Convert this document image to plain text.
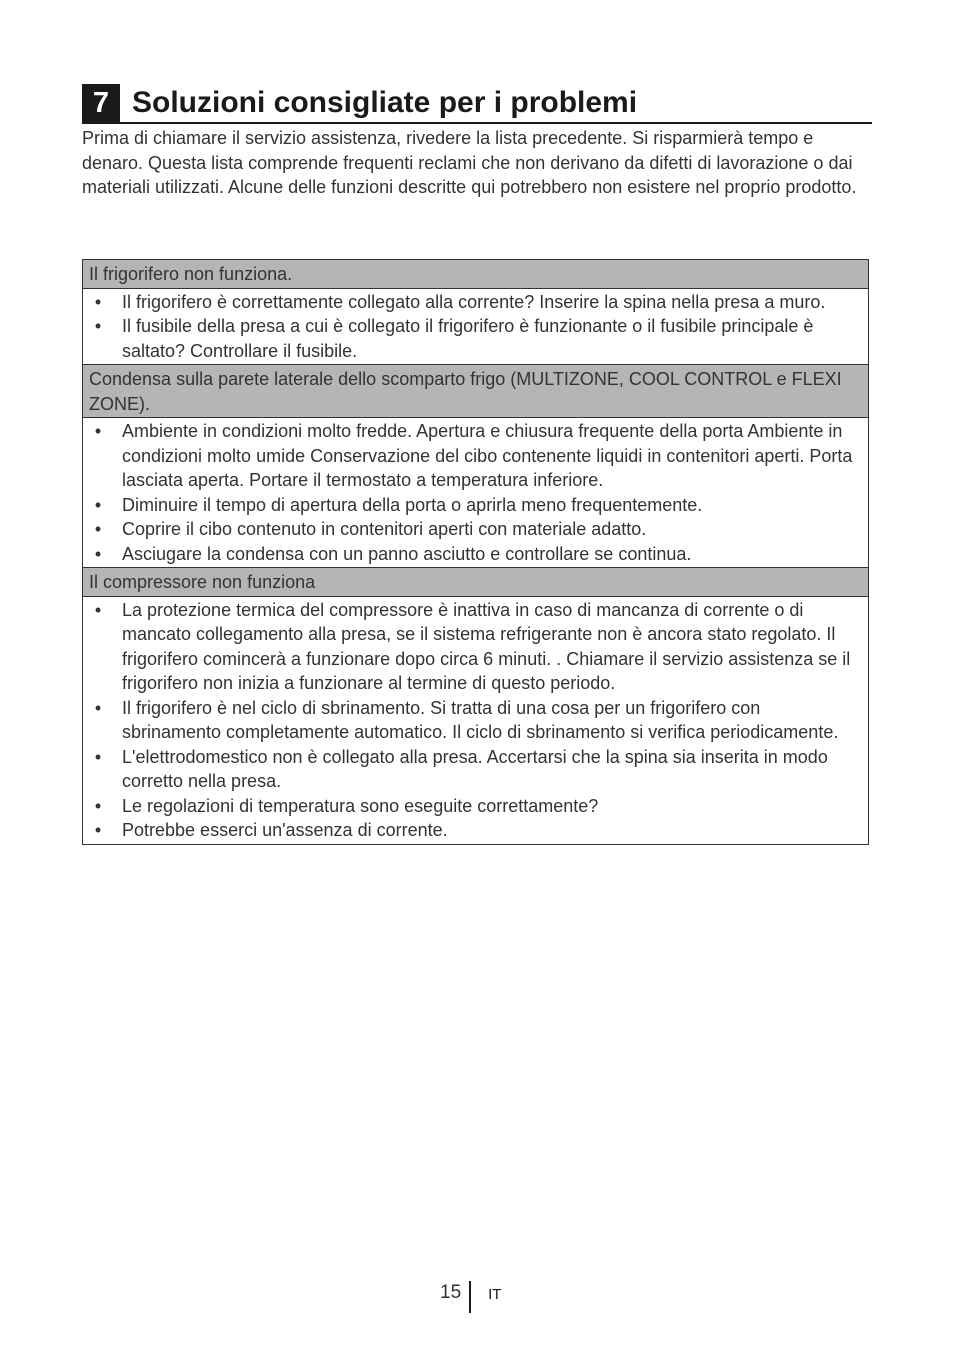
7 Soluzioni consigliate per i problemi

Prima di chiamare il servizio assistenza, rivedere la lista precedente. Si risparmierà tempo e denaro. Questa lista comprende frequenti reclami che non derivano da difetti di lavorazione o dai materiali utilizzati. Alcune delle funzioni descritte qui potrebbero non esistere nel proprio prodotto.

Il frigorifero non funziona.
• Il frigorifero è correttamente collegato alla corrente? Inserire la spina nella presa a muro.
• Il fusibile della presa a cui è collegato il frigorifero è funzionante o il fusibile principale è saltato? Controllare il fusibile.
Condensa sulla parete laterale dello scomparto frigo (MULTIZONE, COOL CONTROL e FLEXI ZONE).
• Ambiente in condizioni molto fredde. Apertura e chiusura frequente della porta Ambiente in condizioni molto umide Conservazione del cibo contenente liquidi in contenitori aperti. Porta lasciata aperta. Portare il termostato a temperatura inferiore.
• Diminuire il tempo di apertura della porta o aprirla meno frequentemente.
• Coprire il cibo contenuto in contenitori aperti con materiale adatto.
• Asciugare la condensa con un panno asciutto e controllare se continua.
Il compressore non funziona
• La protezione termica del compressore è inattiva in caso di mancanza di corrente o di mancato collegamento alla presa, se il sistema refrigerante non è ancora stato regolato. Il frigorifero comincerà a funzionare dopo circa 6 minuti. . Chiamare il servizio assistenza se il frigorifero non inizia a funzionare al termine di questo periodo.
• Il frigorifero è nel ciclo di sbrinamento. Si tratta di una cosa per un frigorifero con sbrinamento completamente automatico. Il ciclo di sbrinamento si verifica periodicamente.
• L'elettrodomestico non è collegato alla presa. Accertarsi che la spina sia inserita in modo corretto nella presa.
• Le regolazioni di temperatura sono eseguite correttamente?
• Potrebbe esserci un'assenza di corrente.
15	IT
